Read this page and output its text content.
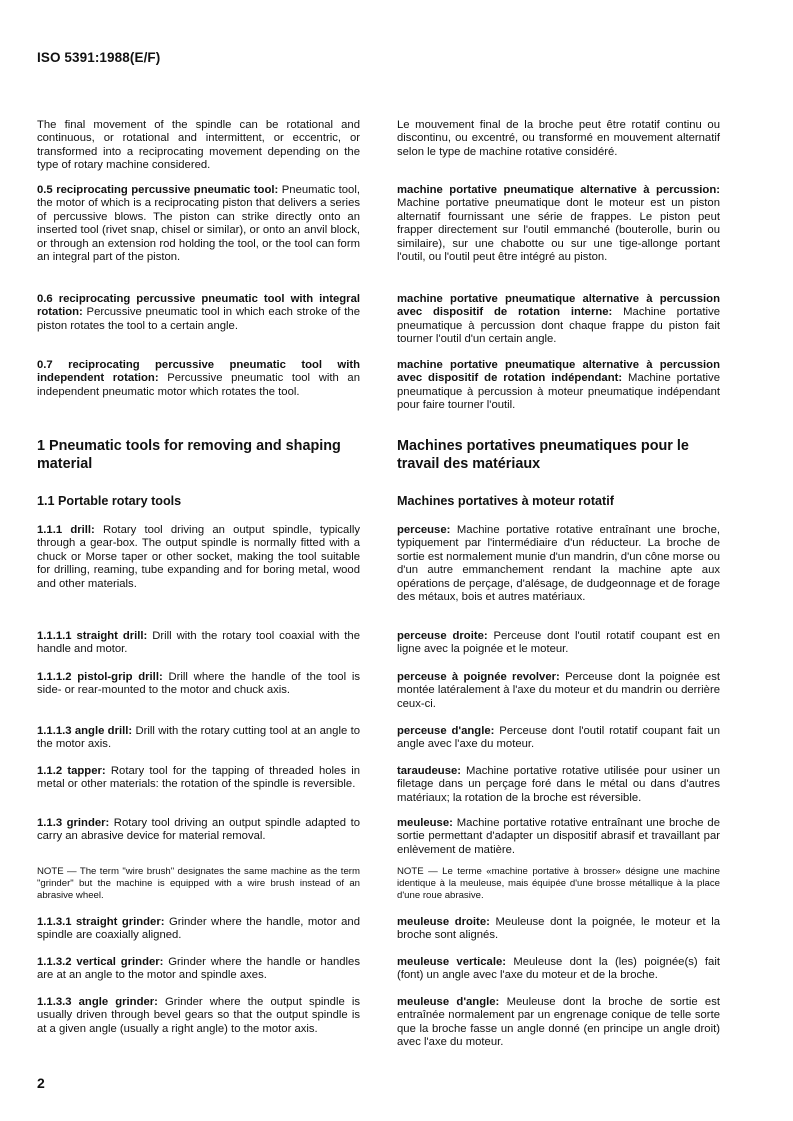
ISO 5391:1988(E/F)

The final movement of the spindle can be rotational and continuous, or rotational and intermittent, or eccentric, or transformed into a reciprocating movement depending on the type of rotary machine considered.

Le mouvement final de la broche peut être rotatif continu ou discontinu, ou excentré, ou transformé en mouvement alternatif selon le type de machine rotative considéré.

0.5 reciprocating percussive pneumatic tool: Pneumatic tool, the motor of which is a reciprocating piston that delivers a series of percussive blows. The piston can strike directly onto an inserted tool (rivet snap, chisel or similar), or onto an anvil block, or through an extension rod holding the tool, or the tool can form an integral part of the piston.

machine portative pneumatique alternative à percussion: Machine portative pneumatique dont le moteur est un piston alternatif fournissant une série de frappes. Le piston peut frapper directement sur l'outil emmanché (bouterolle, burin ou similaire), sur une chabotte ou sur une tige-allonge portant l'outil, ou l'outil peut être intégré au piston.

0.6 reciprocating percussive pneumatic tool with integral rotation: Percussive pneumatic tool in which each stroke of the piston rotates the tool to a certain angle.

machine portative pneumatique alternative à percussion avec dispositif de rotation interne: Machine portative pneumatique à percussion dont chaque frappe du piston fait tourner l'outil d'un certain angle.

0.7 reciprocating percussive pneumatic tool with independent rotation: Percussive pneumatic tool with an independent pneumatic motor which rotates the tool.

machine portative pneumatique alternative à percussion avec dispositif de rotation indépendant: Machine portative pneumatique à percussion à moteur pneumatique indépendant pour faire tourner l'outil.

1 Pneumatic tools for removing and shaping material
Machines portatives pneumatiques pour le travail des matériaux
1.1 Portable rotary tools	Machines portatives à moteur rotatif

1.1.1 drill: Rotary tool driving an output spindle, typically through a gear-box. The output spindle is normally fitted with a chuck or Morse taper or other socket, making the tool suitable for drilling, reaming, tube expanding and for boring metal, wood and other materials.

perceuse: Machine portative rotative entraînant une broche, typiquement par l'intermédiaire d'un réducteur. La broche de sortie est normalement munie d'un mandrin, d'un cône morse ou d'un autre emmanchement rendant la machine apte aux opérations de perçage, d'alésage, de dudgeonnage et de forage des métaux, bois et autres matériaux.

1.1.1.1 straight drill: Drill with the rotary tool coaxial with the handle and motor.

perceuse droite: Perceuse dont l'outil rotatif coupant est en ligne avec la poignée et le moteur.

1.1.1.2 pistol-grip drill: Drill where the handle of the tool is side- or rear-mounted to the motor and chuck axis.

perceuse à poignée revolver: Perceuse dont la poignée est montée latéralement à l'axe du moteur et du mandrin ou derrière ceux-ci.

1.1.1.3 angle drill: Drill with the rotary cutting tool at an angle to the motor axis.

perceuse d'angle: Perceuse dont l'outil rotatif coupant fait un angle avec l'axe du moteur.

1.1.2 tapper: Rotary tool for the tapping of threaded holes in metal or other materials: the rotation of the spindle is reversible.

taraudeuse: Machine portative rotative utilisée pour usiner un filetage dans un perçage foré dans le métal ou dans d'autres matériaux; la rotation de la broche est réversible.

1.1.3 grinder: Rotary tool driving an output spindle adapted to carry an abrasive device for material removal.

meuleuse: Machine portative rotative entraînant une broche de sortie permettant d'adapter un dispositif abrasif et travaillant par enlèvement de matière.

NOTE — The term "wire brush" designates the same machine as the term "grinder" but the machine is equipped with a wire brush instead of an abrasive wheel.

NOTE — Le terme «machine portative à brosser» désigne une machine identique à la meuleuse, mais équipée d'une brosse métallique à la place d'une roue abrasive.

1.1.3.1 straight grinder: Grinder where the handle, motor and spindle are coaxially aligned.

meuleuse droite: Meuleuse dont la poignée, le moteur et la broche sont alignés.

1.1.3.2 vertical grinder: Grinder where the handle or handles are at an angle to the motor and spindle axes.

meuleuse verticale: Meuleuse dont la (les) poignée(s) fait (font) un angle avec l'axe du moteur et de la broche.

1.1.3.3 angle grinder: Grinder where the output spindle is usually driven through bevel gears so that the output spindle is at a given angle (usually a right angle) to the motor axis.

meuleuse d'angle: Meuleuse dont la broche de sortie est entraînée normalement par un engrenage conique de telle sorte que la broche fasse un angle donné (en principe un angle droit) avec l'axe du moteur.

2
